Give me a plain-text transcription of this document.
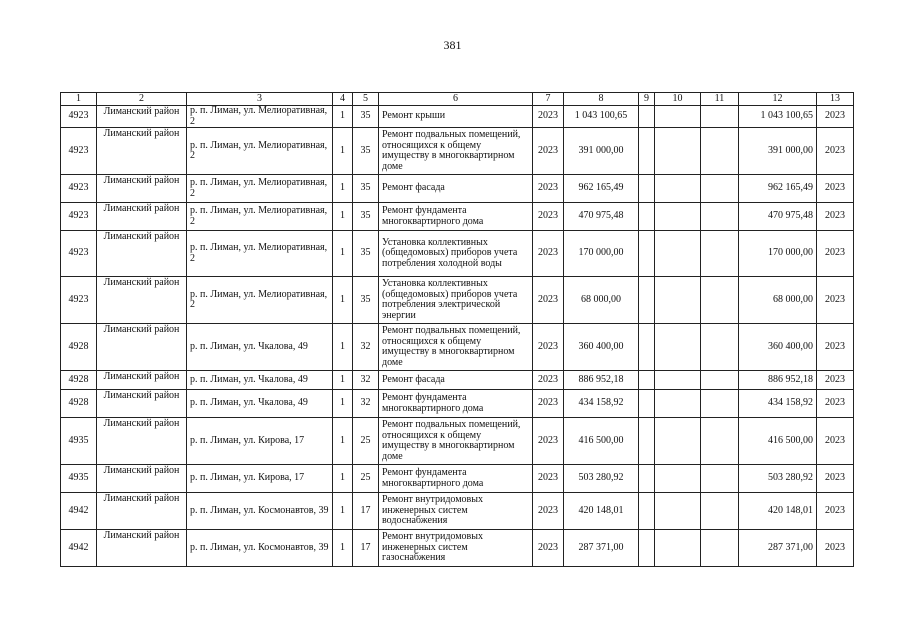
381
1	2	3	4	5	6	7	8	9	10	11	12	13
4923	Лиманский район	р. п. Лиман, ул. Мелиоративная, 2	1	35	Ремонт крыши	2023	1 043 100,65				1 043 100,65	2023
4923	Лиманский район	р. п. Лиман, ул. Мелиоративная, 2	1	35	Ремонт подвальных помещений, относящихся к общему имуществу в многоквартирном доме	2023	391 000,00				391 000,00	2023
4923	Лиманский район	р. п. Лиман, ул. Мелиоративная, 2	1	35	Ремонт фасада	2023	962 165,49				962 165,49	2023
4923	Лиманский район	р. п. Лиман, ул. Мелиоративная, 2	1	35	Ремонт фундамента многоквартирного дома	2023	470 975,48				470 975,48	2023
4923	Лиманский район	р. п. Лиман, ул. Мелиоративная, 2	1	35	Установка коллективных (общедомовых) приборов учета потребления холодной воды	2023	170 000,00				170 000,00	2023
4923	Лиманский район	р. п. Лиман, ул. Мелиоративная, 2	1	35	Установка коллективных (общедомовых) приборов учета потребления электрической энергии	2023	68 000,00				68 000,00	2023
4928	Лиманский район	р. п. Лиман, ул. Чкалова, 49	1	32	Ремонт подвальных помещений, относящихся к общему имуществу в многоквартирном доме	2023	360 400,00				360 400,00	2023
4928	Лиманский район	р. п. Лиман, ул. Чкалова, 49	1	32	Ремонт фасада	2023	886 952,18				886 952,18	2023
4928	Лиманский район	р. п. Лиман, ул. Чкалова, 49	1	32	Ремонт фундамента многоквартирного дома	2023	434 158,92				434 158,92	2023
4935	Лиманский район	р. п. Лиман, ул. Кирова, 17	1	25	Ремонт подвальных помещений, относящихся к общему имуществу в многоквартирном доме	2023	416 500,00				416 500,00	2023
4935	Лиманский район	р. п. Лиман, ул. Кирова, 17	1	25	Ремонт фундамента многоквартирного дома	2023	503 280,92				503 280,92	2023
4942	Лиманский район	р. п. Лиман, ул. Космонавтов, 39	1	17	Ремонт внутридомовых инженерных систем водоснабжения	2023	420 148,01				420 148,01	2023
4942	Лиманский район	р. п. Лиман, ул. Космонавтов, 39	1	17	Ремонт внутридомовых инженерных систем газоснабжения	2023	287 371,00				287 371,00	2023
